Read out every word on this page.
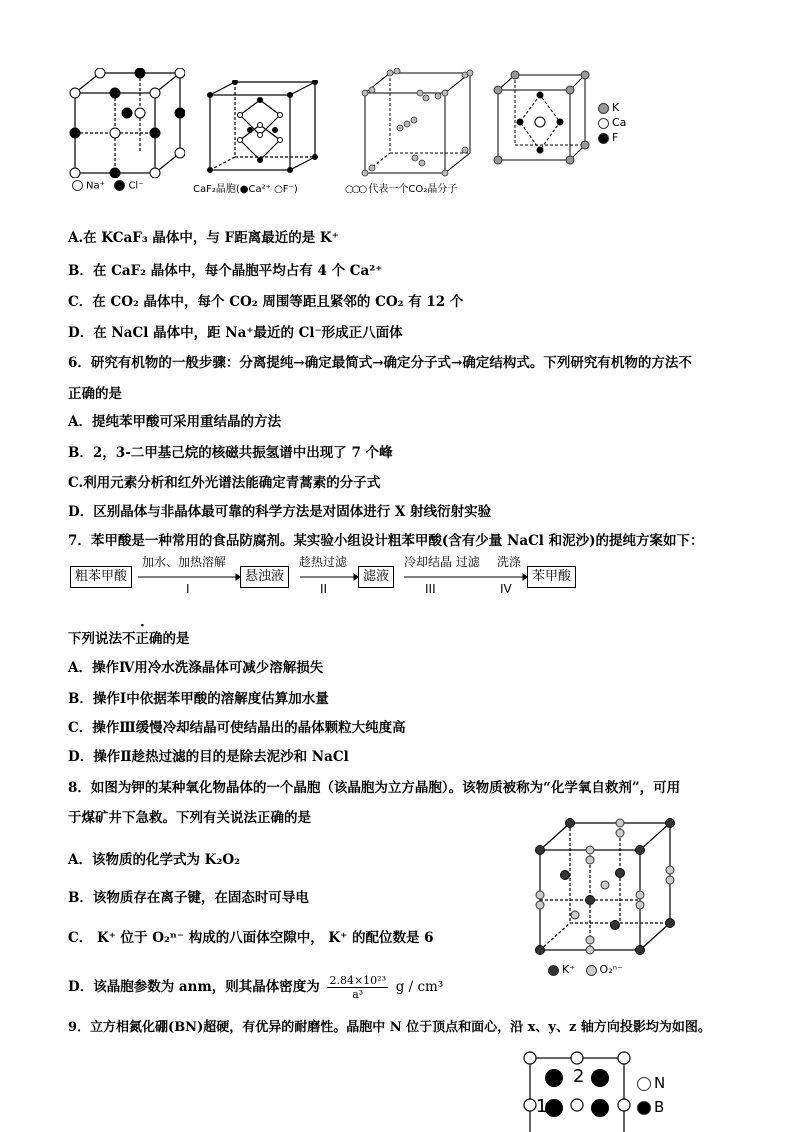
Na⁺ Cl⁻	CaF₂晶胞(●Ca²⁺ ○F⁻)	○○○ 代表一个CO₂晶分子
K
Ca
F
A.在 KCaF₃ 晶体中，与 F距离最近的是 K⁺
B．在 CaF₂ 晶体中，每个晶胞平均占有 4 个 Ca²⁺
C．在 CO₂ 晶体中，每个 CO₂ 周围等距且紧邻的 CO₂ 有 12 个
D．在 NaCl 晶体中，距 Na⁺最近的 Cl⁻形成正八面体
6．研究有机物的一般步骤：分离提纯→确定最简式→确定分子式→确定结构式。下列研究有机物的方法不
正确的是
A．提纯苯甲酸可采用重结晶的方法
B．2，3-二甲基己烷的核磁共振氢谱中出现了 7 个峰
C.利用元素分析和红外光谱法能确定青蒿素的分子式
D．区别晶体与非晶体最可靠的科学方法是对固体进行 X 射线衍射实验
7．苯甲酸是一种常用的食品防腐剂。某实验小组设计粗苯甲酸(含有少量 NaCl 和泥沙)的提纯方案如下：
粗苯甲酸	悬浊液	滤液	苯甲酸
加水、加热溶解	趁热过滤	冷却结晶 过滤 洗涤
I	II	III	IV
下列说法不正确的是
A．操作Ⅳ用冷水洗涤晶体可减少溶解损失
B．操作Ⅰ中依据苯甲酸的溶解度估算加水量
C．操作Ⅲ缓慢冷却结晶可使结晶出的晶体颗粒大纯度高
D．操作Ⅱ趁热过滤的目的是除去泥沙和 NaCl
8．如图为钾的某种氧化物晶体的一个晶胞（该晶胞为立方晶胞）。该物质被称为“化学氧自救剂”，可用
于煤矿井下急救。下列有关说法正确的是
A．该物质的化学式为 K₂O₂
B．该物质存在离子键，在固态时可导电
C． K⁺ 位于 O₂ⁿ⁻ 构成的八面体空隙中， K⁺ 的配位数是 6
D．该晶胞参数为 anm，则其晶体密度为 $\frac{\text{2.84×10²³}}{\text{a³}}$ g / cm³
K⁺ O₂ⁿ⁻
9．立方相氮化硼(BN)超硬，有优异的耐磨性。晶胞中 N 位于顶点和面心，沿 x、y、z 轴方向投影均为如图。
2
1
N
B
